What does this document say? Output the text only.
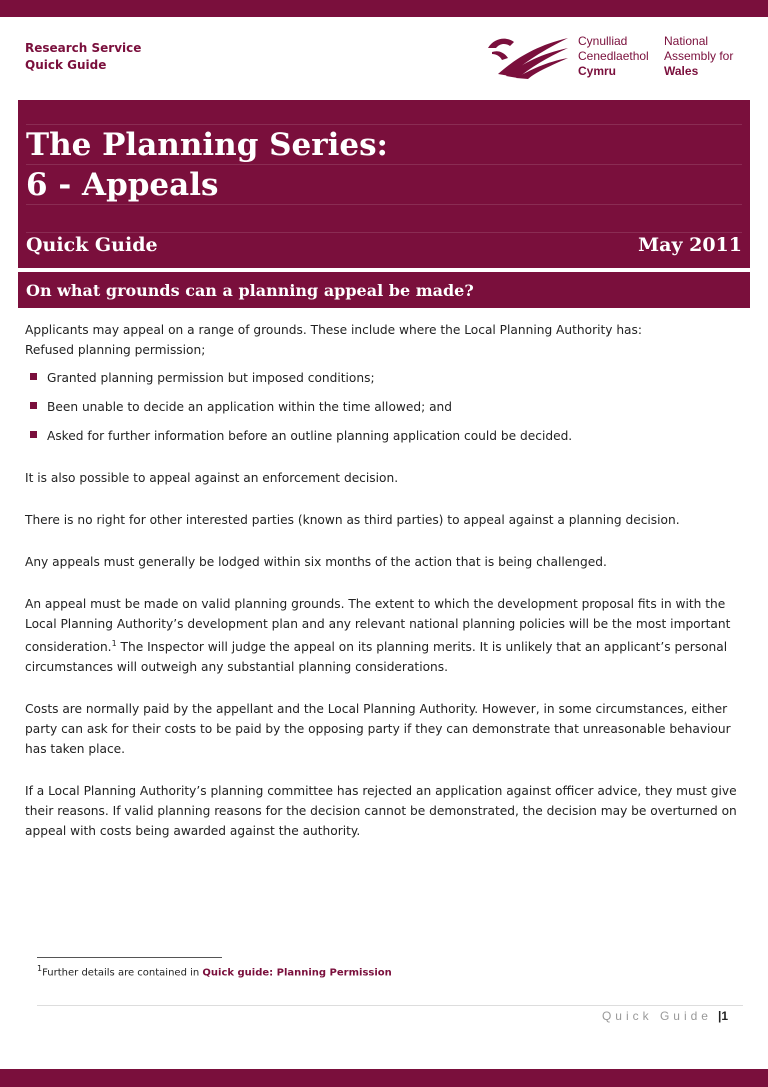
Research Service
Quick Guide
Cynulliad
Cenedlaethol
Cymru
National
Assembly for
Wales
The Planning Series:
6 - Appeals
Quick Guide	May 2011
On what grounds can a planning appeal be made?

Applicants may appeal on a range of grounds. These include where the Local Planning Authority has:

Refused planning permission;

Granted planning permission but imposed conditions;
Been unable to decide an application within the time allowed; and
Asked for further information before an outline planning application could be decided.

It is also possible to appeal against an enforcement decision.

There is no right for other interested parties (known as third parties) to appeal against a planning decision.

Any appeals must generally be lodged within six months of the action that is being challenged.

An appeal must be made on valid planning grounds. The extent to which the development proposal fits in with the Local Planning Authority’s development plan and any relevant national planning policies will be the most important consideration.$^1$ The Inspector will judge the appeal on its planning merits. It is unlikely that an applicant’s personal circumstances will outweigh any substantial planning considerations.

Costs are normally paid by the appellant and the Local Planning Authority. However, in some circumstances, either party can ask for their costs to be paid by the opposing party if they can demonstrate that unreasonable behaviour has taken place.

If a Local Planning Authority’s planning committee has rejected an application against officer advice, they must give their reasons. If valid planning reasons for the decision cannot be demonstrated, the decision may be overturned on appeal with costs being awarded against the authority.

$^1$Further details are contained in Quick guide: Planning Permission
Quick Guide |1
